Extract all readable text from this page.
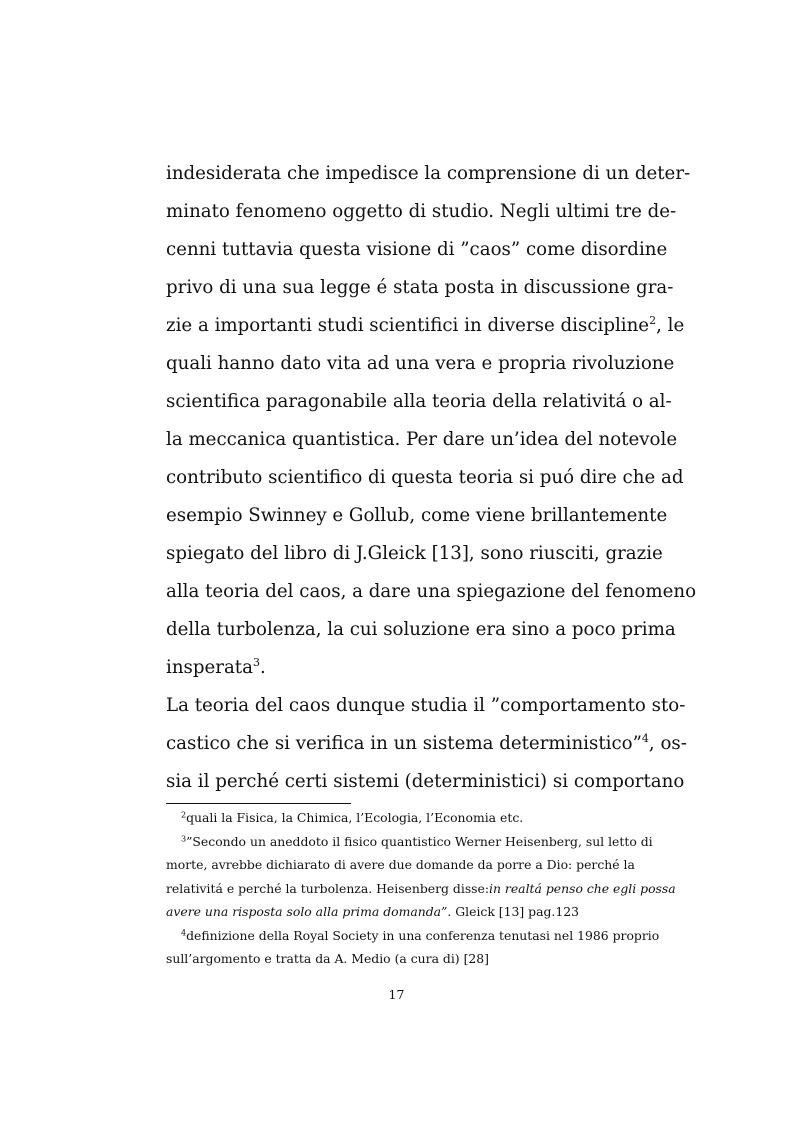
indesiderata che impedisce la comprensione di un deter-
minato fenomeno oggetto di studio. Negli ultimi tre de-
cenni tuttavia questa visione di ”caos” come disordine
privo di una sua legge é stata posta in discussione gra-
zie a importanti studi scientifici in diverse discipline$^2$, le
quali hanno dato vita ad una vera e propria rivoluzione
scientifica paragonabile alla teoria della relativitá o al-
la meccanica quantistica. Per dare un’idea del notevole
contributo scientifico di questa teoria si puó dire che ad
esempio Swinney e Gollub, come viene brillantemente
spiegato del libro di J.Gleick [13], sono riusciti, grazie
alla teoria del caos, a dare una spiegazione del fenomeno
della turbolenza, la cui soluzione era sino a poco prima
insperata$^3$.
La teoria del caos dunque studia il ”comportamento sto-
castico che si verifica in un sistema deterministico”$^4$, os-
sia il perché certi sistemi (deterministici) si comportano
$^2$quali la Fisica, la Chimica, l’Ecologia, l’Economia etc.
$^3$”Secondo un aneddoto il fisico quantistico Werner Heisenberg, sul letto di
morte, avrebbe dichiarato di avere due domande da porre a Dio: perché la
relativitá e perché la turbolenza. Heisenberg disse:in realtá penso che egli possa
avere una risposta solo alla prima domanda”. Gleick [13] pag.123
$^4$definizione della Royal Society in una conferenza tenutasi nel 1986 proprio
sull’argomento e tratta da A. Medio (a cura di) [28]
17
